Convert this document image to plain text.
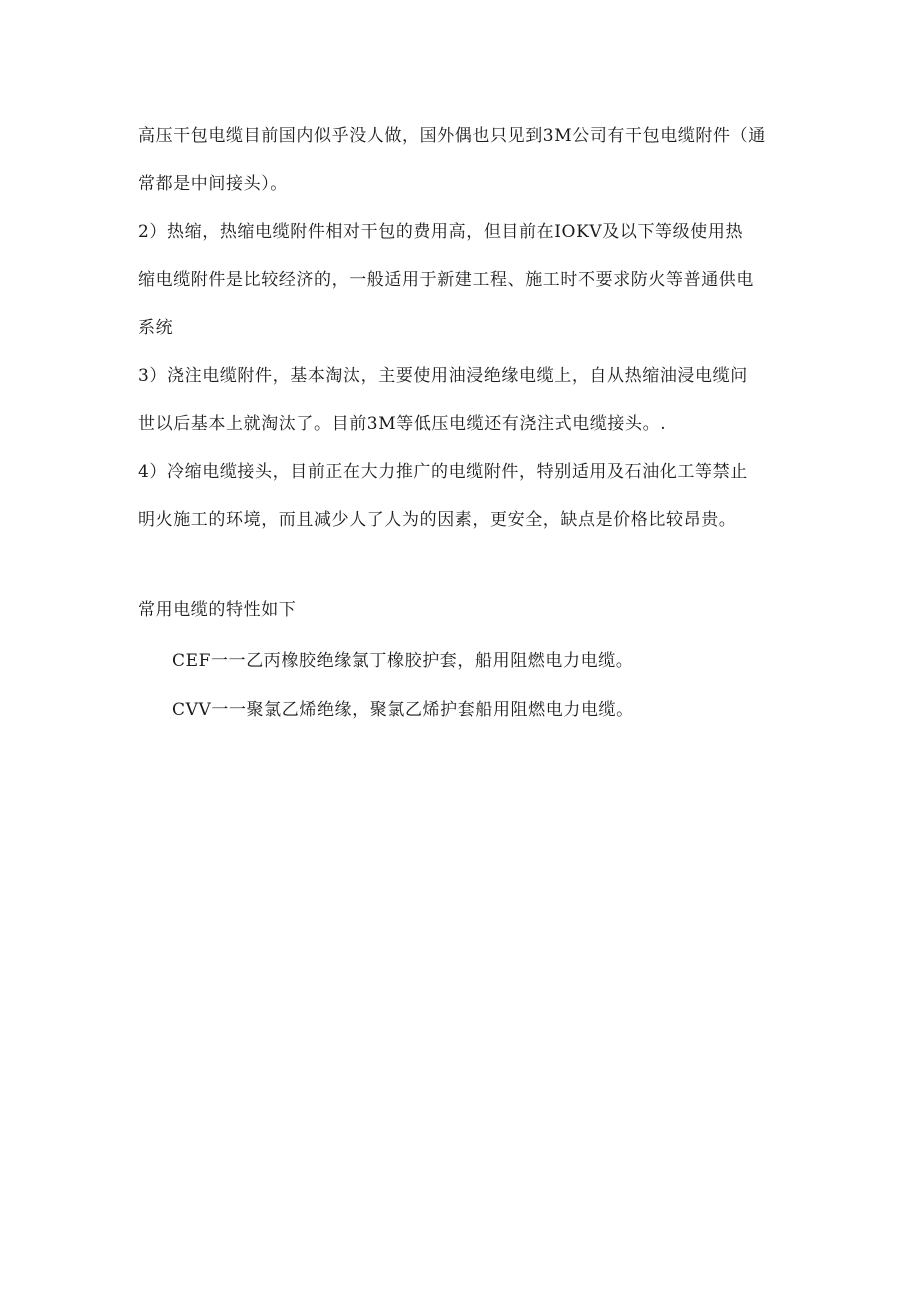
高压干包电缆目前国内似乎没人做，国外偶也只见到3M公司有干包电缆附件（通
常都是中间接头）。
2）热缩，热缩电缆附件相对干包的费用高，但目前在IOKV及以下等级使用热
缩电缆附件是比较经济的，一般适用于新建工程、施工时不要求防火等普通供电
系统
3）浇注电缆附件，基本淘汰，主要使用油浸绝缘电缆上，自从热缩油浸电缆问
世以后基本上就淘汰了。目前3M等低压电缆还有浇注式电缆接头。.
4）冷缩电缆接头，目前正在大力推广的电缆附件，特别适用及石油化工等禁止
明火施工的环境，而且减少人了人为的因素，更安全，缺点是价格比较昂贵。
常用电缆的特性如下
CEF一一乙丙橡胶绝缘氯丁橡胶护套，船用阻燃电力电缆。
CVV一一聚氯乙烯绝缘，聚氯乙烯护套船用阻燃电力电缆。
